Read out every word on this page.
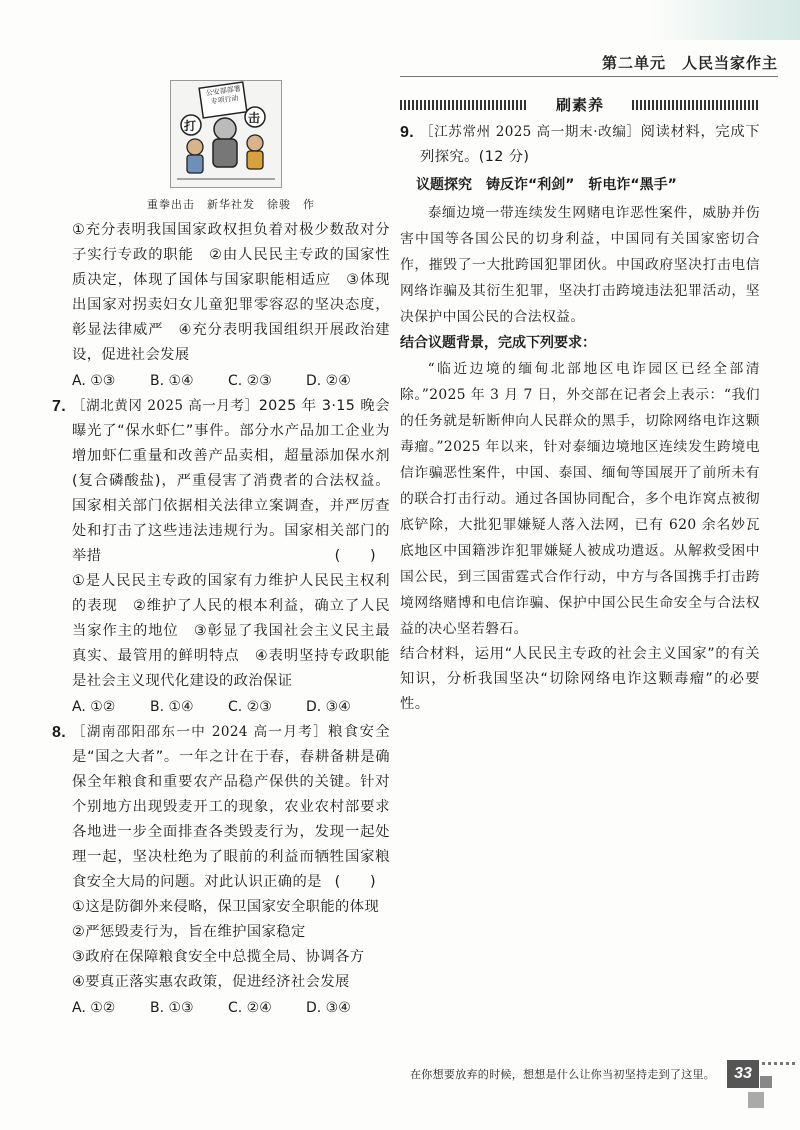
第二单元　人民当家作主
公安部部署专项行动
打
击
重拳出击　新华社发　徐骏　作

①充分表明我国国家政权担负着对极少数敌对分子实行专政的职能　②由人民民主专政的国家性质决定，体现了国体与国家职能相适应　③体现出国家对拐卖妇女儿童犯罪零容忍的坚决态度，彰显法律威严　④充分表明我国组织开展政治建设，促进社会发展

A. ①③ B. ①④ C. ②③ D. ②④

7. ［湖北黄冈 2025 高一月考］2025 年 3·15 晚会曝光了“保水虾仁”事件。部分水产品加工企业为增加虾仁重量和改善产品卖相，超量添加保水剂(复合磷酸盐)，严重侵害了消费者的合法权益。国家相关部门依据相关法律立案调查，并严厉查处和打击了这些违法违规行为。国家相关部门的举措	(　　)

①是人民民主专政的国家有力维护人民民主权利的表现　②维护了人民的根本利益，确立了人民当家作主的地位　③彰显了我国社会主义民主最真实、最管用的鲜明特点　④表明坚持专政职能是社会主义现代化建设的政治保证

A. ①② B. ①④ C. ②③ D. ③④

8. ［湖南邵阳邵东一中 2024 高一月考］粮食安全是“国之大者”。一年之计在于春，春耕备耕是确保全年粮食和重要农产品稳产保供的关键。针对个别地方出现毁麦开工的现象，农业农村部要求各地进一步全面排查各类毁麦行为，发现一起处理一起，坚决杜绝为了眼前的利益而牺牲国家粮食安全大局的问题。对此认识正确的是 (　　)

①这是防御外来侵略，保卫国家安全职能的体现

②严惩毁麦行为，旨在维护国家稳定

③政府在保障粮食安全中总揽全局、协调各方

④要真正落实惠农政策，促进经济社会发展

A. ①② B. ①③ C. ②④ D. ③④

刷素养
9. ［江苏常州 2025 高一期末·改编］阅读材料，完成下列探究。(12 分)
议题探究　铸反诈“利剑”　斩电诈“黑手”

泰缅边境一带连续发生网赌电诈恶性案件，威胁并伤害中国等各国公民的切身利益，中国同有关国家密切合作，摧毁了一大批跨国犯罪团伙。中国政府坚决打击电信网络诈骗及其衍生犯罪，坚决打击跨境违法犯罪活动，坚决保护中国公民的合法权益。

结合议题背景，完成下列要求：

“临近边境的缅甸北部地区电诈园区已经全部清除。”2025 年 3 月 7 日，外交部在记者会上表示：“我们的任务就是斩断伸向人民群众的黑手，切除网络电诈这颗毒瘤。”2025 年以来，针对泰缅边境地区连续发生跨境电信诈骗恶性案件，中国、泰国、缅甸等国展开了前所未有的联合打击行动。通过各国协同配合，多个电诈窝点被彻底铲除，大批犯罪嫌疑人落入法网，已有 620 余名妙瓦底地区中国籍涉诈犯罪嫌疑人被成功遣返。从解救受困中国公民，到三国雷霆式合作行动，中方与各国携手打击跨境网络赌博和电信诈骗、保护中国公民生命安全与合法权益的决心坚若磐石。

结合材料，运用“人民民主专政的社会主义国家”的有关知识，分析我国坚决“切除网络电诈这颗毒瘤”的必要性。

在你想要放弃的时候，想想是什么让你当初坚持走到了这里。	33
